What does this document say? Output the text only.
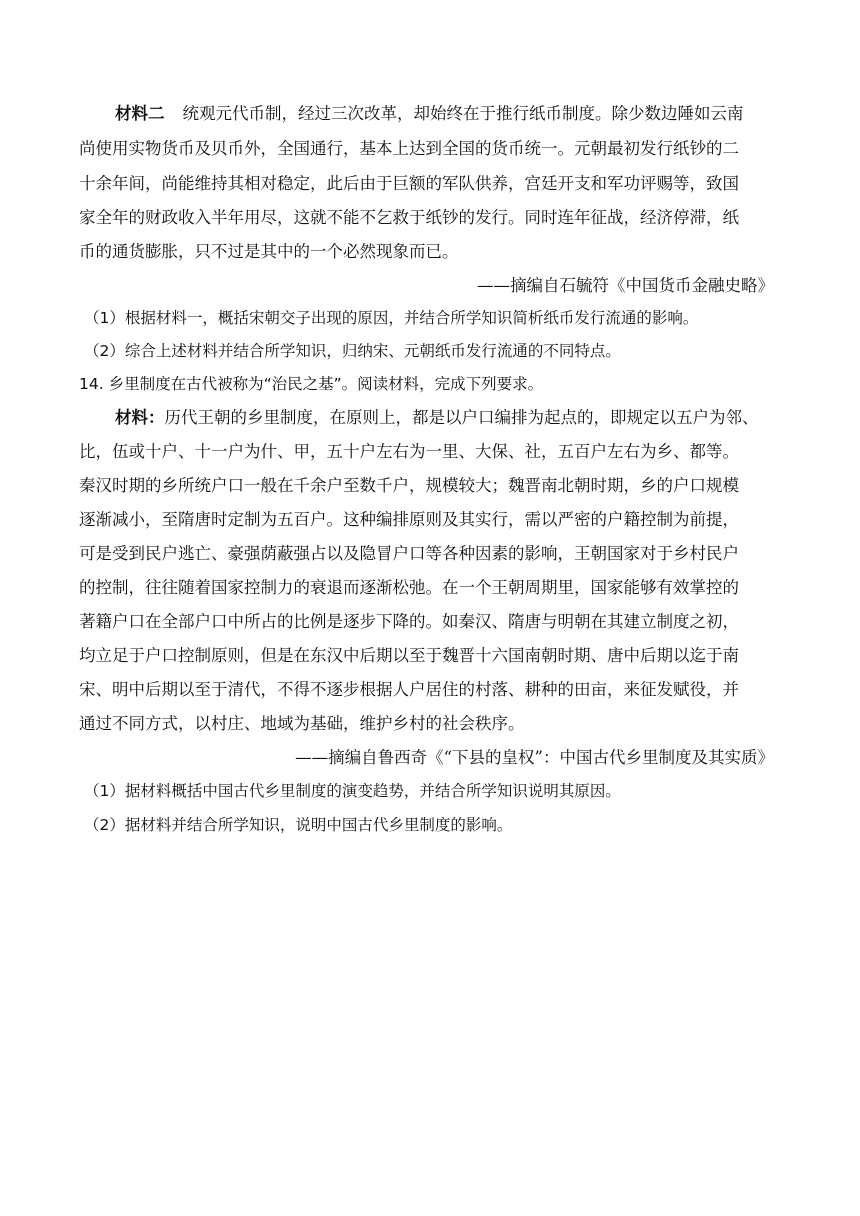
材料二 统观元代币制，经过三次改革，却始终在于推行纸币制度。除少数边陲如云南
尚使用实物货币及贝币外，全国通行，基本上达到全国的货币统一。元朝最初发行纸钞的二
十余年间，尚能维持其相对稳定，此后由于巨额的军队供养，宫廷开支和军功评赐等，致国
家全年的财政收入半年用尽，这就不能不乞救于纸钞的发行。同时连年征战，经济停滞，纸
币的通货膨胀，只不过是其中的一个必然现象而已。
——摘编自石毓符《中国货币金融史略》
（1）根据材料一，概括宋朝交子出现的原因，并结合所学知识简析纸币发行流通的影响。
（2）综合上述材料并结合所学知识，归纳宋、元朝纸币发行流通的不同特点。
14. 乡里制度在古代被称为“治民之基”。阅读材料，完成下列要求。
材料：历代王朝的乡里制度，在原则上，都是以户口编排为起点的，即规定以五户为邻、
比，伍或十户、十一户为什、甲，五十户左右为一里、大保、社，五百户左右为乡、都等。
秦汉时期的乡所统户口一般在千余户至数千户，规模较大；魏晋南北朝时期，乡的户口规模
逐渐减小，至隋唐时定制为五百户。这种编排原则及其实行，需以严密的户籍控制为前提，
可是受到民户逃亡、豪强荫蔽强占以及隐冒户口等各种因素的影响，王朝国家对于乡村民户
的控制，往往随着国家控制力的衰退而逐渐松弛。在一个王朝周期里，国家能够有效掌控的
著籍户口在全部户口中所占的比例是逐步下降的。如秦汉、隋唐与明朝在其建立制度之初，
均立足于户口控制原则，但是在东汉中后期以至于魏晋十六国南朝时期、唐中后期以迄于南
宋、明中后期以至于清代，不得不逐步根据人户居住的村落、耕种的田亩，来征发赋役，并
通过不同方式，以村庄、地域为基础，维护乡村的社会秩序。
——摘编自鲁西奇《“下县的皇权”：中国古代乡里制度及其实质》
（1）据材料概括中国古代乡里制度的演变趋势，并结合所学知识说明其原因。
（2）据材料并结合所学知识，说明中国古代乡里制度的影响。
